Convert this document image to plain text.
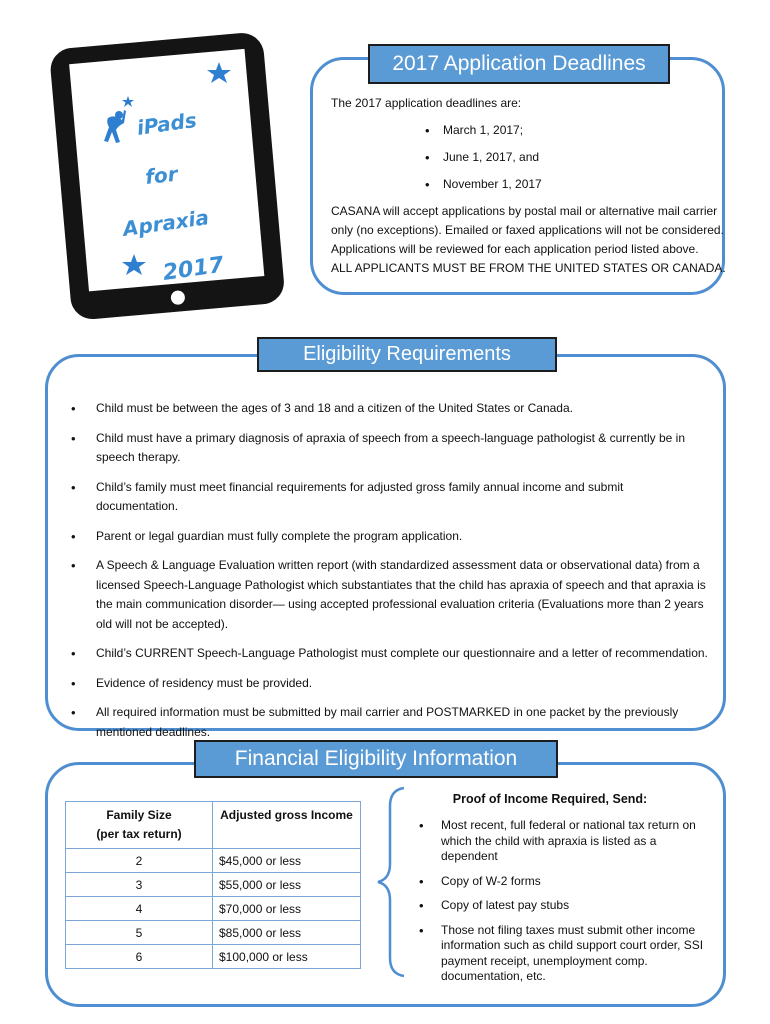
iPads
for
Apraxia
2017
2017 Application Deadlines
The 2017 application deadlines are:
• March 1, 2017;
• June 1, 2017, and
• November 1, 2017
CASANA will accept applications by postal mail or alternative mail carrier
only (no exceptions). Emailed or faxed applications will not be considered.
Applications will be reviewed for each application period listed above.
ALL APPLICANTS MUST BE FROM THE UNITED STATES OR CANADA.
Eligibility Requirements
• Child must be between the ages of 3 and 18 and a citizen of the United States or Canada.
• Child must have a primary diagnosis of apraxia of speech from a speech-language pathologist & currently be in speech therapy.
• Child’s family must meet financial requirements for adjusted gross family annual income and submit documentation.
• Parent or legal guardian must fully complete the program application.
• A Speech & Language Evaluation written report (with standardized assessment data or observational data) from a licensed Speech-Language Pathologist which substantiates that the child has apraxia of speech and that apraxia is the main communication disorder— using accepted professional evaluation criteria (Evaluations more than 2 years old will not be accepted).
• Child’s CURRENT Speech-Language Pathologist must complete our questionnaire and a letter of recommendation.
• Evidence of residency must be provided.
• All required information must be submitted by mail carrier and POSTMARKED in one packet by the previously mentioned deadlines.
Financial Eligibility Information
Family Size
(per tax return)	Adjusted gross Income
2	$45,000 or less
3	$55,000 or less
4	$70,000 or less
5	$85,000 or less
6	$100,000 or less
Proof of Income Required, Send:
• Most recent, full federal or national tax return on which the child with apraxia is listed as a dependent
• Copy of W-2 forms
• Copy of latest pay stubs
• Those not filing taxes must submit other income information such as child support court order, SSI payment receipt, unemployment comp. documentation, etc.
